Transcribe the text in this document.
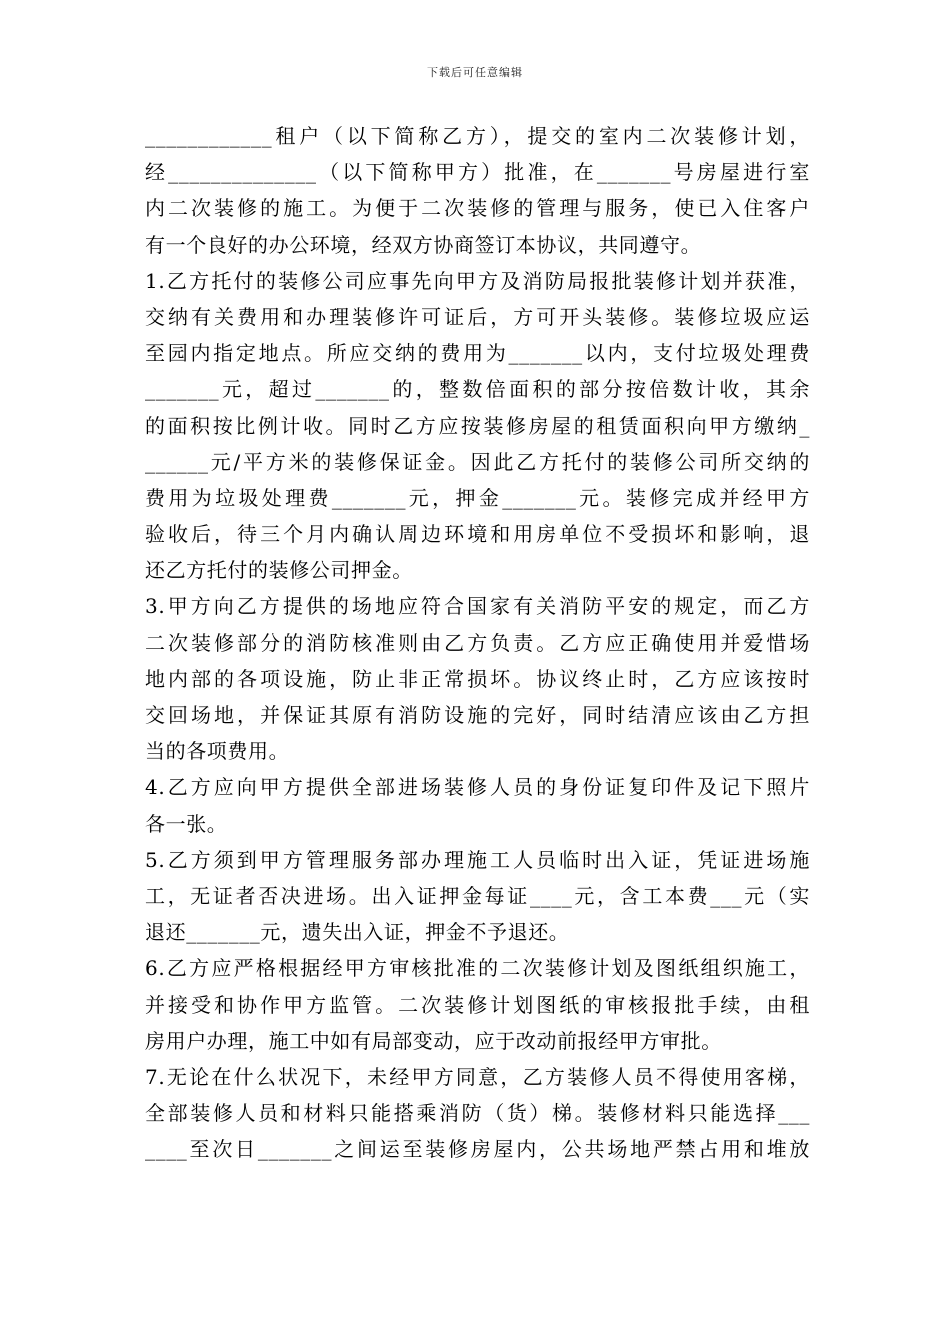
下载后可任意编辑
____________租户（以下简称乙方），提交的室内二次装修计划，
经______________（以下简称甲方）批准，在_______号房屋进行室
内二次装修的施工。为便于二次装修的管理与服务，使已入住客户
有一个良好的办公环境，经双方协商签订本协议，共同遵守。
1.乙方托付的装修公司应事先向甲方及消防局报批装修计划并获准，
交纳有关费用和办理装修许可证后，方可开头装修。装修垃圾应运
至园内指定地点。所应交纳的费用为_______以内，支付垃圾处理费
_______元，超过_______的，整数倍面积的部分按倍数计收，其余
的面积按比例计收。同时乙方应按装修房屋的租赁面积向甲方缴纳_
______元/平方米的装修保证金。因此乙方托付的装修公司所交纳的
费用为垃圾处理费_______元，押金_______元。装修完成并经甲方
验收后，待三个月内确认周边环境和用房单位不受损坏和影响，退
还乙方托付的装修公司押金。
3.甲方向乙方提供的场地应符合国家有关消防平安的规定，而乙方
二次装修部分的消防核准则由乙方负责。乙方应正确使用并爱惜场
地内部的各项设施，防止非正常损坏。协议终止时，乙方应该按时
交回场地，并保证其原有消防设施的完好，同时结清应该由乙方担
当的各项费用。
4.乙方应向甲方提供全部进场装修人员的身份证复印件及记下照片
各一张。
5.乙方须到甲方管理服务部办理施工人员临时出入证，凭证进场施
工，无证者否决进场。出入证押金每证____元，含工本费___元（实
退还_______元，遗失出入证，押金不予退还。
6.乙方应严格根据经甲方审核批准的二次装修计划及图纸组织施工，
并接受和协作甲方监管。二次装修计划图纸的审核报批手续，由租
房用户办理，施工中如有局部变动，应于改动前报经甲方审批。
7.无论在什么状况下，未经甲方同意，乙方装修人员不得使用客梯，
全部装修人员和材料只能搭乘消防（货）梯。装修材料只能选择___
____至次日_______之间运至装修房屋内，公共场地严禁占用和堆放
